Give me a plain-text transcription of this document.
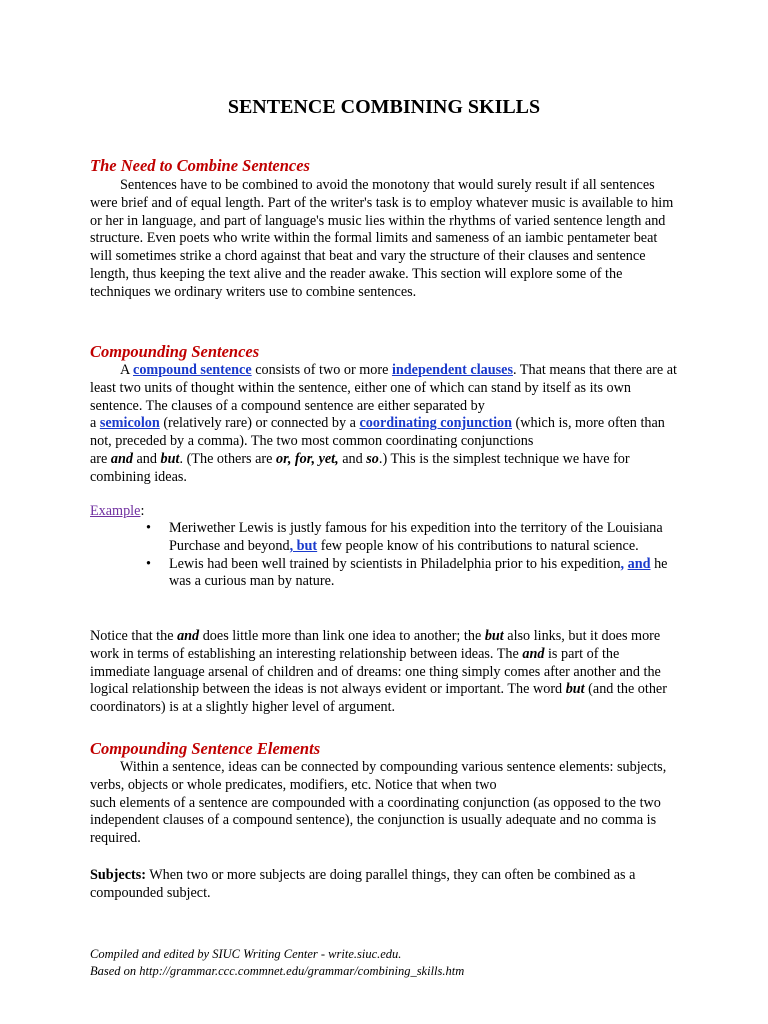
SENTENCE COMBINING SKILLS
The Need to Combine Sentences

Sentences have to be combined to avoid the monotony that would surely result if all sentences were brief and of equal length. Part of the writer's task is to employ whatever music is available to him or her in language, and part of language's music lies within the rhythms of varied sentence length and structure. Even poets who write within the formal limits and sameness of an iambic pentameter beat will sometimes strike a chord against that beat and vary the structure of their clauses and sentence length, thus keeping the text alive and the reader awake. This section will explore some of the techniques we ordinary writers use to combine sentences.

Compounding Sentences

A compound sentence consists of two or more independent clauses. That means that there are at least two units of thought within the sentence, either one of which can stand by itself as its own sentence. The clauses of a compound sentence are either separated by
a semicolon (relatively rare) or connected by a coordinating conjunction (which is, more often than not, preceded by a comma). The two most common coordinating conjunctions
are and and but. (The others are or, for, yet, and so.) This is the simplest technique we have for combining ideas.

Example:

• Meriwether Lewis is justly famous for his expedition into the territory of the Louisiana Purchase and beyond, but few people know of his contributions to natural science.
• Lewis had been well trained by scientists in Philadelphia prior to his expedition, and he was a curious man by nature.

Notice that the and does little more than link one idea to another; the but also links, but it does more work in terms of establishing an interesting relationship between ideas. The and is part of the immediate language arsenal of children and of dreams: one thing simply comes after another and the logical relationship between the ideas is not always evident or important. The word but (and the other coordinators) is at a slightly higher level of argument.

Compounding Sentence Elements

Within a sentence, ideas can be connected by compounding various sentence elements: subjects, verbs, objects or whole predicates, modifiers, etc. Notice that when two
such elements of a sentence are compounded with a coordinating conjunction (as opposed to the two independent clauses of a compound sentence), the conjunction is usually adequate and no comma is required.

Subjects: When two or more subjects are doing parallel things, they can often be combined as a compounded subject.

Compiled and edited by SIUC Writing Center - write.siuc.edu.
Based on http://grammar.ccc.commnet.edu/grammar/combining_skills.htm
